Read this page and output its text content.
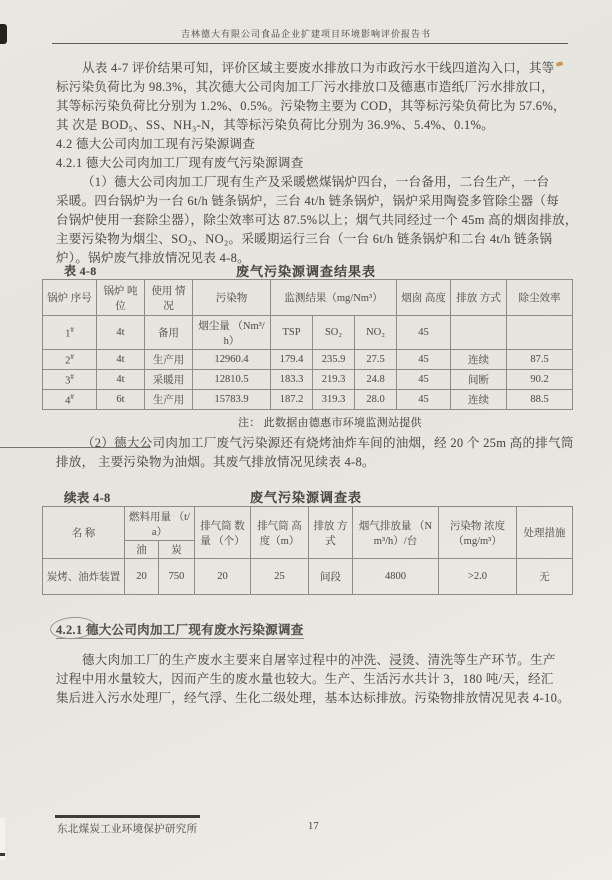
吉林德大有限公司食品企业扩建项目环境影响评价报告书
从表 4-7 评价结果可知，评价区域主要废水排放口为市政污水干线四道沟入口，其等
标污染负荷比为 98.3%，其次德大公司肉加工厂污水排放口及德惠市造纸厂污水排放口，
其等标污染负荷比分别为 1.2%、0.5%。污染物主要为 COD，其等标污染负荷比为 57.6%，
其 次是 BOD₅、SS、NH₃-N，其等标污染负荷比分别为 36.9%、5.4%、0.1%。
4.2 德大公司肉加工现有污染源调查
4.2.1 德大公司肉加工厂现有废气污染源调查
（1）德大公司肉加工厂现有生产及采暖燃煤锅炉四台，一台备用，二台生产，一台
采暖。四台锅炉为一台 6t/h 链条锅炉，三台 4t/h 链条锅炉，锅炉采用陶瓷多管除尘器（每
台锅炉使用一套除尘器），除尘效率可达 87.5%以上；烟气共同经过一个 45m 高的烟囱排放，
主要污染物为烟尘、SO₂、NO₂。采暖期运行三台（一台 6t/h 链条锅炉和二台 4t/h 链条锅
炉）。锅炉废气排放情况见表 4-8。
表 4-8	废气污染源调查结果表
锅炉 序号	锅炉 吨位	使用 情况	污染物	监测结果（mg/Nm³）			烟囱 高度	排放 方式	除尘效率
1#	4t	备用	烟尘量 （Nm³/h）	TSP	SO₂	NO₂	45		
2#	4t	生产用	12960.4	179.4	235.9	27.5	45	连续	87.5
3#	4t	采暖用	12810.5	183.3	219.3	24.8	45	间断	90.2
4#	6t	生产用	15783.9	187.2	319.3	28.0	45	连续	88.5
注： 此数据由德惠市环境监测站提供
（2）德大公司肉加工厂废气污染源还有烧烤油炸车间的油烟，经 20 个 25m 高的排气筒
排放， 主要污染物为油烟。其废气排放情况见续表 4-8。
续表 4-8	废气污染源调查表
名 称	燃料用量 （t/a）		排气筒 数量 （个）	排气筒 高度（m）	排放 方式	烟气排放量 （Nm³/h）/台	污染物 浓度 （mg/m³）	处理措施
	油	炭						
炭烤、油炸装置	20	750	20	25	间段	4800	>2.0	无
4.2.1 德大公司肉加工厂现有废水污染源调查
德大肉加工厂的生产废水主要来自屠宰过程中的冲洗、浸烫、清洗等生产环节。生产
过程中用水量较大，因而产生的废水量也较大。生产、生活污水共计 3，180 吨/天，经汇
集后进入污水处理厂，经气浮、生化二级处理，基本达标排放。污染物排放情况见表 4-10。
东北煤炭工业环境保护研究所	17
